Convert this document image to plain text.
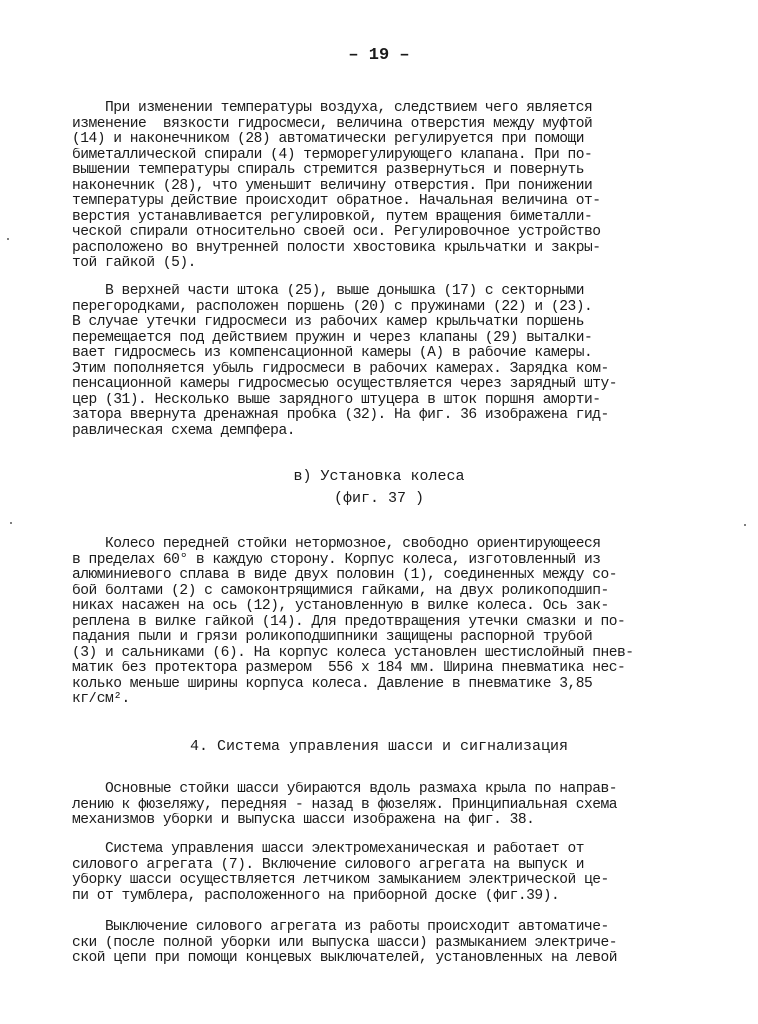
– 19 –
При изменении температуры воздуха, следствием чего является
изменение  вязкости гидросмеси, величина отверстия между муфтой
(14) и наконечником (28) автоматически регулируется при помощи
биметаллической спирали (4) терморегулирующего клапана. При по-
вышении температуры спираль стремится развернуться и повернуть
наконечник (28), что уменьшит величину отверстия. При понижении
температуры действие происходит обратное. Начальная величина от-
верстия устанавливается регулировкой, путем вращения биметалли-
ческой спирали относительно своей оси. Регулировочное устройство
расположено во внутренней полости хвостовика крыльчатки и закры-
той гайкой (5).
В верхней части штока (25), выше донышка (17) с секторными
перегородками, расположен поршень (20) с пружинами (22) и (23).
В случае утечки гидросмеси из рабочих камер крыльчатки поршень
перемещается под действием пружин и через клапаны (29) выталки-
вает гидросмесь из компенсационной камеры (А) в рабочие камеры.
Этим пополняется убыль гидросмеси в рабочих камерах. Зарядка ком-
пенсационной камеры гидросмесью осуществляется через зарядный шту-
цер (31). Несколько выше зарядного штуцера в шток поршня аморти-
затора ввернута дренажная пробка (32). На фиг. 36 изображена гид-
равлическая схема демпфера.
в) Установка колеса
(фиг. 37 )
Колесо передней стойки нетормозное, свободно ориентирующееся
в пределах 60° в каждую сторону. Корпус колеса, изготовленный из
алюминиевого сплава в виде двух половин (1), соединенных между со-
бой болтами (2) с самоконтрящимися гайками, на двух роликоподшип-
никах насажен на ось (12), установленную в вилке колеса. Ось зак-
реплена в вилке гайкой (14). Для предотвращения утечки смазки и по-
падания пыли и грязи роликоподшипники защищены распорной трубой
(3) и сальниками (6). На корпус колеса установлен шестислойный пнев-
матик без протектора размером  556 х 184 мм. Ширина пневматика нес-
колько меньше ширины корпуса колеса. Давление в пневматике 3,85
кг/см².
4. Система управления шасси и сигнализация
Основные стойки шасси убираются вдоль размаха крыла по направ-
лению к фюзеляжу, передняя - назад в фюзеляж. Принципиальная схема
механизмов уборки и выпуска шасси изображена на фиг. 38.
Система управления шасси электромеханическая и работает от
силового агрегата (7). Включение силового агрегата на выпуск и
уборку шасси осуществляется летчиком замыканием электрической це-
пи от тумблера, расположенного на приборной доске (фиг.39).
Выключение силового агрегата из работы происходит автоматиче-
ски (после полной уборки или выпуска шасси) размыканием электриче-
ской цепи при помощи концевых выключателей, установленных на левой
